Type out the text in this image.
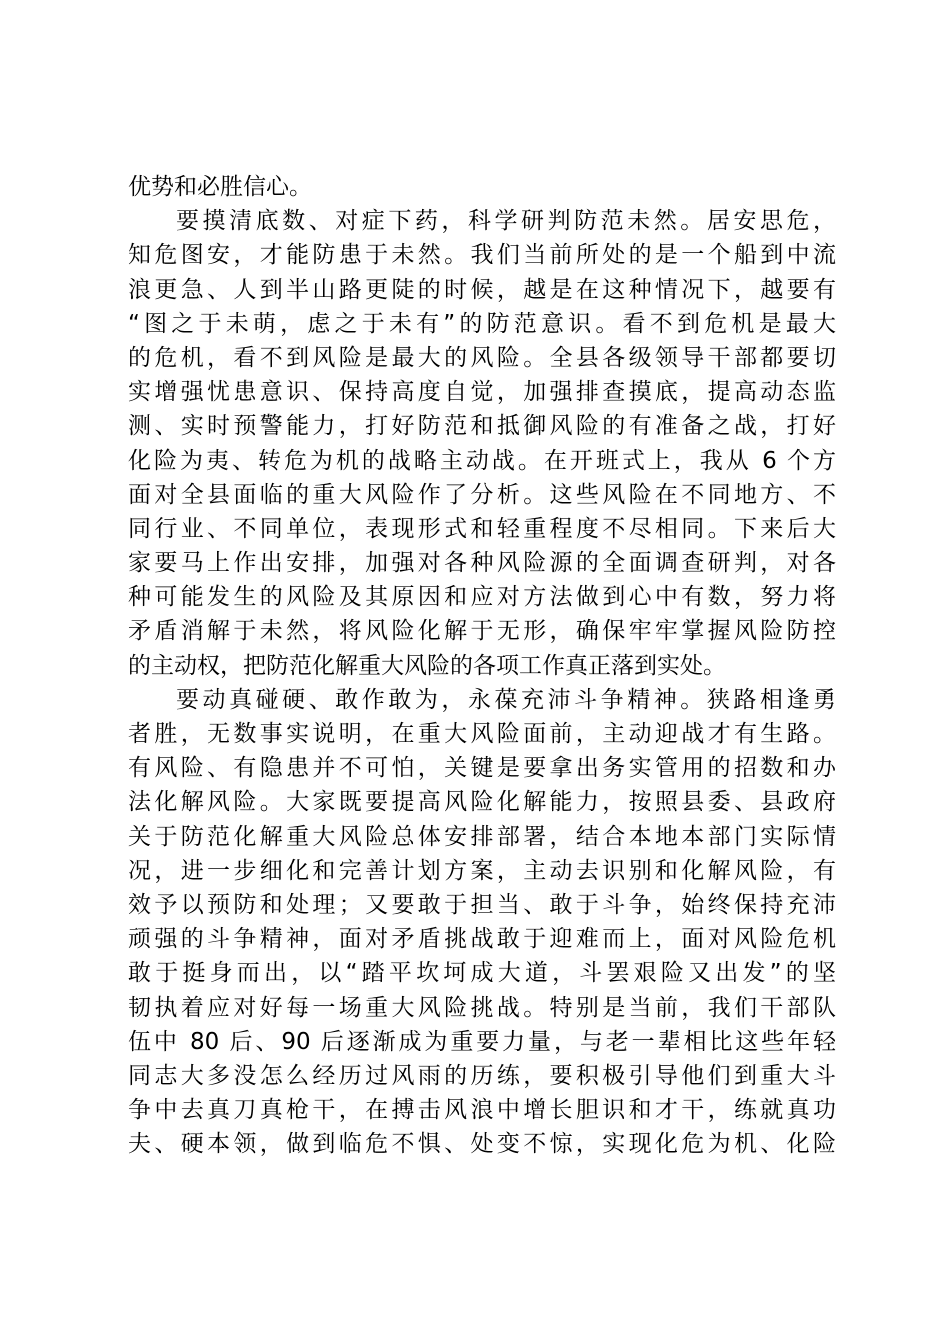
优势和必胜信心。
要摸清底数、对症下药，科学研判防范未然。居安思危，
知危图安，才能防患于未然。我们当前所处的是一个船到中流
浪更急、人到半山路更陡的时候，越是在这种情况下，越要有
“图之于未萌，虑之于未有”的防范意识。看不到危机是最大
的危机，看不到风险是最大的风险。全县各级领导干部都要切
实增强忧患意识、保持高度自觉，加强排查摸底，提高动态监
测、实时预警能力，打好防范和抵御风险的有准备之战，打好
化险为夷、转危为机的战略主动战。在开班式上，我从 6 个方
面对全县面临的重大风险作了分析。这些风险在不同地方、不
同行业、不同单位，表现形式和轻重程度不尽相同。下来后大
家要马上作出安排，加强对各种风险源的全面调查研判，对各
种可能发生的风险及其原因和应对方法做到心中有数，努力将
矛盾消解于未然，将风险化解于无形，确保牢牢掌握风险防控
的主动权，把防范化解重大风险的各项工作真正落到实处。
要动真碰硬、敢作敢为，永葆充沛斗争精神。狭路相逢勇
者胜，无数事实说明，在重大风险面前，主动迎战才有生路。
有风险、有隐患并不可怕，关键是要拿出务实管用的招数和办
法化解风险。大家既要提高风险化解能力，按照县委、县政府
关于防范化解重大风险总体安排部署，结合本地本部门实际情
况，进一步细化和完善计划方案，主动去识别和化解风险，有
效予以预防和处理；又要敢于担当、敢于斗争，始终保持充沛
顽强的斗争精神，面对矛盾挑战敢于迎难而上，面对风险危机
敢于挺身而出，以“踏平坎坷成大道，斗罢艰险又出发”的坚
韧执着应对好每一场重大风险挑战。特别是当前，我们干部队
伍中 80 后、90 后逐渐成为重要力量，与老一辈相比这些年轻
同志大多没怎么经历过风雨的历练，要积极引导他们到重大斗
争中去真刀真枪干，在搏击风浪中增长胆识和才干，练就真功
夫、硬本领，做到临危不惧、处变不惊，实现化危为机、化险
